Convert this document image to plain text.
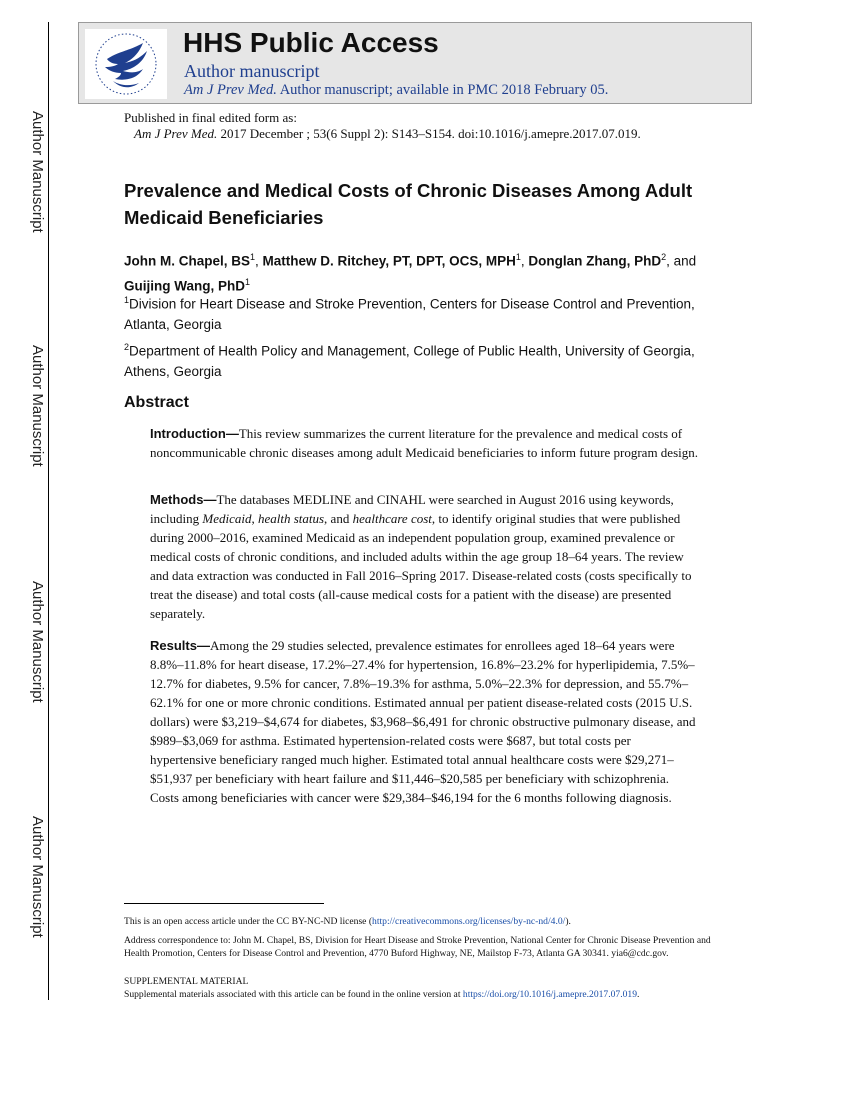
Author Manuscript
Author Manuscript
Author Manuscript
Author Manuscript
HHS Public Access
Author manuscript
Am J Prev Med. Author manuscript; available in PMC 2018 February 05.
Published in final edited form as:
Am J Prev Med. 2017 December ; 53(6 Suppl 2): S143–S154. doi:10.1016/j.amepre.2017.07.019.
Prevalence and Medical Costs of Chronic Diseases Among Adult Medicaid Beneficiaries
John M. Chapel, $BS^1$, Matthew D. Ritchey, PT, DPT, OCS, MPH$^1$, Donglan Zhang, PhD$^2$, and Guijing Wang, PhD$^1$
$^1$Division for Heart Disease and Stroke Prevention, Centers for Disease Control and Prevention, Atlanta, Georgia
$^2$Department of Health Policy and Management, College of Public Health, University of Georgia, Athens, Georgia
Abstract
Introduction—This review summarizes the current literature for the prevalence and medical costs of noncommunicable chronic diseases among adult Medicaid beneficiaries to inform future program design.
Methods—The databases MEDLINE and CINAHL were searched in August 2016 using keywords, including Medicaid, health status, and healthcare cost, to identify original studies that were published during 2000–2016, examined Medicaid as an independent population group, examined prevalence or medical costs of chronic conditions, and included adults within the age group 18–64 years. The review and data extraction was conducted in Fall 2016–Spring 2017. Disease-related costs (costs specifically to treat the disease) and total costs (all-cause medical costs for a patient with the disease) are presented separately.
Results—Among the 29 studies selected, prevalence estimates for enrollees aged 18–64 years were 8.8%–11.8% for heart disease, 17.2%–27.4% for hypertension, 16.8%–23.2% for hyperlipidemia, 7.5%–12.7% for diabetes, 9.5% for cancer, 7.8%–19.3% for asthma, 5.0%–22.3% for depression, and 55.7%–62.1% for one or more chronic conditions. Estimated annual per patient disease-related costs (2015 U.S. dollars) were $3,219–$4,674 for diabetes, $3,968–$6,491 for chronic obstructive pulmonary disease, and $989–$3,069 for asthma. Estimated hypertension-related costs were $687, but total costs per hypertensive beneficiary ranged much higher. Estimated total annual healthcare costs were $29,271–$51,937 per beneficiary with heart failure and $11,446–$20,585 per beneficiary with schizophrenia. Costs among beneficiaries with cancer were $29,384–$46,194 for the 6 months following diagnosis.
This is an open access article under the CC BY-NC-ND license (http://creativecommons.org/licenses/by-nc-nd/4.0/).
Address correspondence to: John M. Chapel, BS, Division for Heart Disease and Stroke Prevention, National Center for Chronic Disease Prevention and Health Promotion, Centers for Disease Control and Prevention, 4770 Buford Highway, NE, Mailstop F-73, Atlanta GA 30341. yia6@cdc.gov.
SUPPLEMENTAL MATERIAL
Supplemental materials associated with this article can be found in the online version at https://doi.org/10.1016/j.amepre.2017.07.019.
